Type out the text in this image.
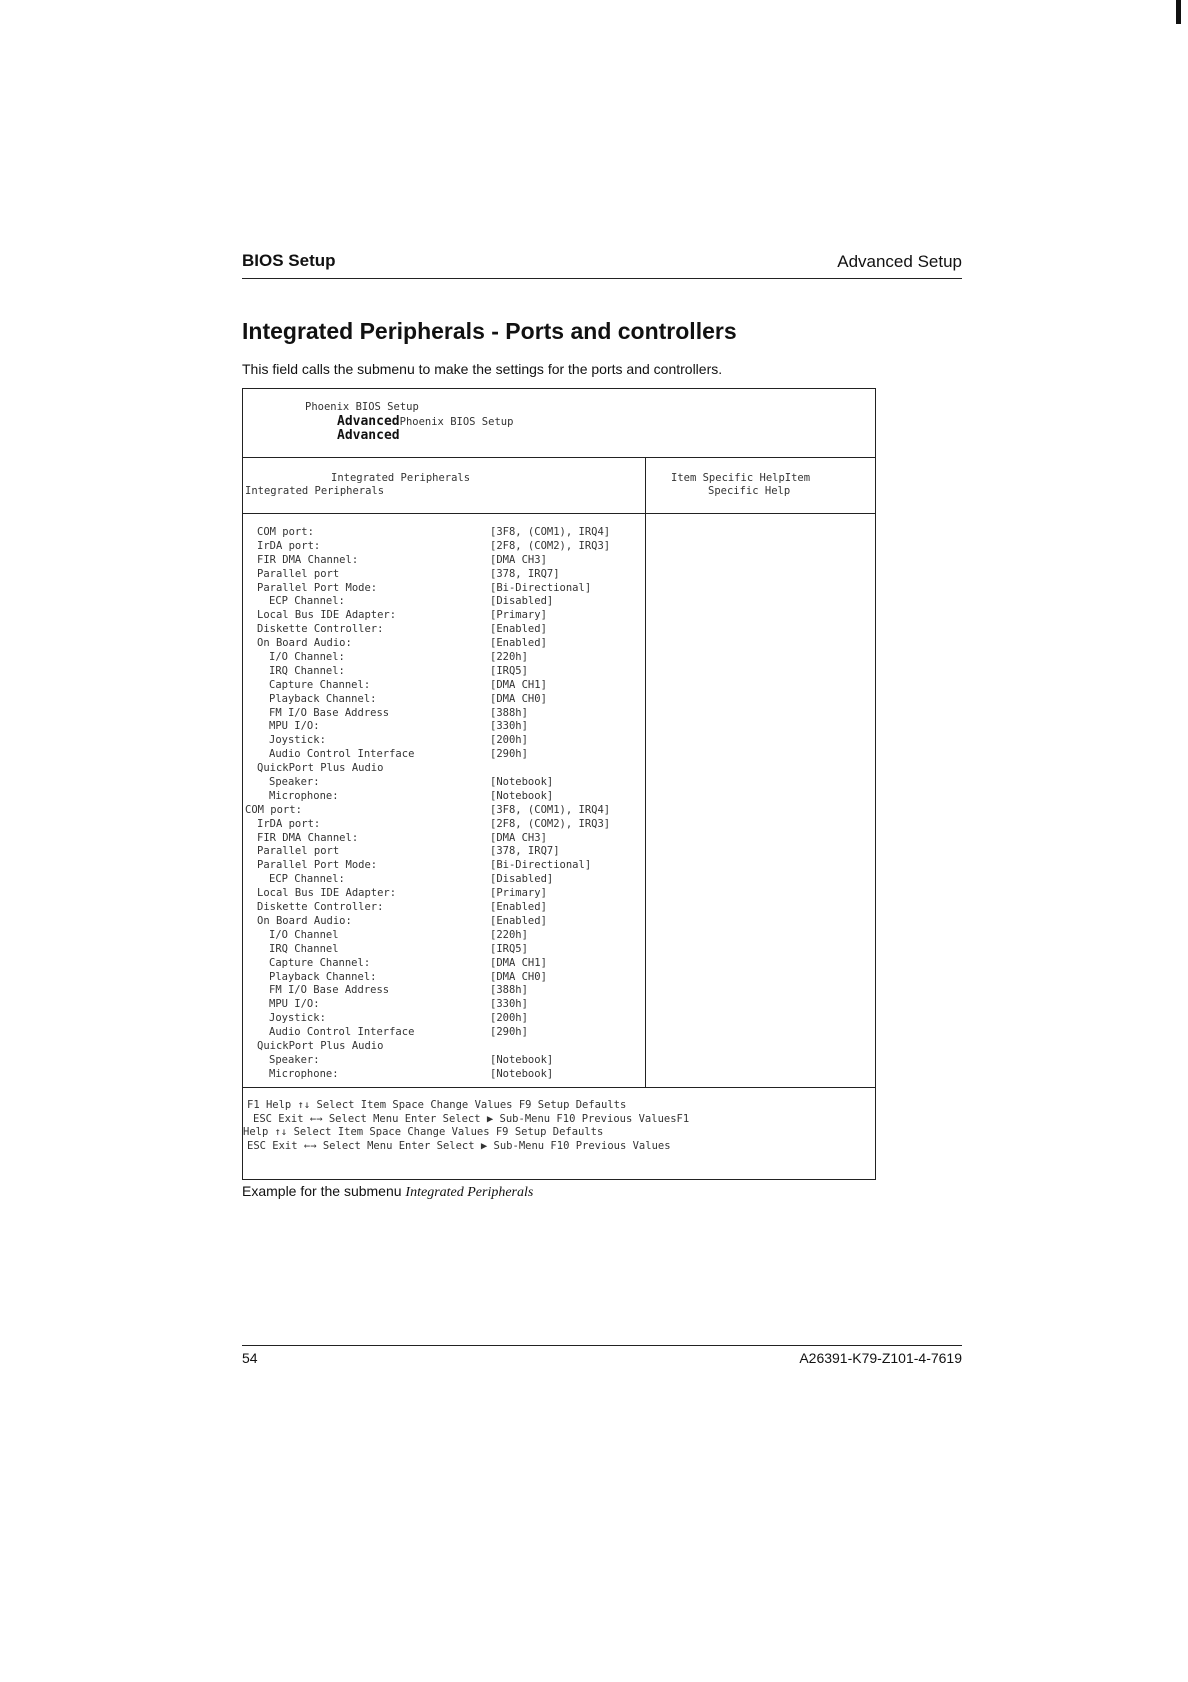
BIOS Setup	Advanced Setup
Integrated Peripherals - Ports and controllers
This field calls the submenu to make the settings for the ports and controllers.
Phoenix BIOS Setup
AdvancedPhoenix BIOS Setup
Advanced
Integrated Peripherals
Integrated Peripherals
Item Specific HelpItem
Specific Help
COM port:	[3F8, (COM1), IRQ4]
IrDA port:	[2F8, (COM2), IRQ3]
FIR DMA Channel:	[DMA CH3]
Parallel port	[378, IRQ7]
Parallel Port Mode:	[Bi-Directional]
ECP Channel:	[Disabled]
Local Bus IDE Adapter:	[Primary]
Diskette Controller:	[Enabled]
On Board Audio:	[Enabled]
I/O Channel:	[220h]
IRQ Channel:	[IRQ5]
Capture Channel:	[DMA CH1]
Playback Channel:	[DMA CH0]
FM I/O Base Address	[388h]
MPU I/O:	[330h]
Joystick:	[200h]
Audio Control Interface	[290h]
QuickPort Plus Audio
Speaker:	[Notebook]
Microphone:	[Notebook]
COM port:	[3F8, (COM1), IRQ4]
IrDA port:	[2F8, (COM2), IRQ3]
FIR DMA Channel:	[DMA CH3]
Parallel port	[378, IRQ7]
Parallel Port Mode:	[Bi-Directional]
ECP Channel:	[Disabled]
Local Bus IDE Adapter:	[Primary]
Diskette Controller:	[Enabled]
On Board Audio:	[Enabled]
I/O Channel	[220h]
IRQ Channel	[IRQ5]
Capture Channel:	[DMA CH1]
Playback Channel:	[DMA CH0]
FM I/O Base Address	[388h]
MPU I/O:	[330h]
Joystick:	[200h]
Audio Control Interface	[290h]
QuickPort Plus Audio
Speaker:	[Notebook]
Microphone:	[Notebook]
F1 Help ↑↓ Select Item Space Change Values F9 Setup Defaults
ESC Exit ←→ Select Menu Enter Select ▶ Sub-Menu F10 Previous ValuesF1
Help ↑↓ Select Item Space Change Values F9 Setup Defaults
ESC Exit ←→ Select Menu Enter Select ▶ Sub-Menu F10 Previous Values
Example for the submenu Integrated Peripherals
54	A26391-K79-Z101-4-7619
